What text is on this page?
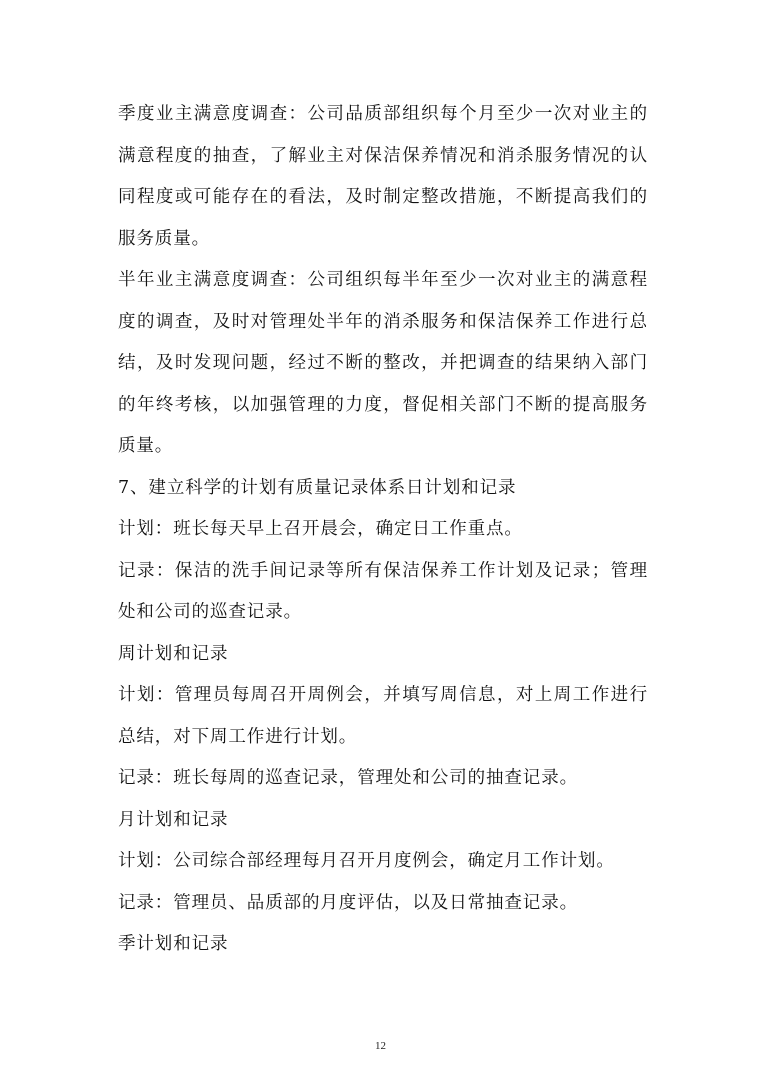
季度业主满意度调查：公司品质部组织每个月至少一次对业主的满意程度的抽查，了解业主对保洁保养情况和消杀服务情况的认同程度或可能存在的看法，及时制定整改措施，不断提高我们的服务质量。

半年业主满意度调查：公司组织每半年至少一次对业主的满意程度的调查，及时对管理处半年的消杀服务和保洁保养工作进行总结，及时发现问题，经过不断的整改，并把调查的结果纳入部门的年终考核，以加强管理的力度，督促相关部门不断的提高服务质量。

7、建立科学的计划有质量记录体系日计划和记录

计划：班长每天早上召开晨会，确定日工作重点。

记录：保洁的洗手间记录等所有保洁保养工作计划及记录；管理处和公司的巡查记录。

周计划和记录

计划：管理员每周召开周例会，并填写周信息，对上周工作进行总结，对下周工作进行计划。

记录：班长每周的巡查记录，管理处和公司的抽查记录。

月计划和记录

计划：公司综合部经理每月召开月度例会，确定月工作计划。

记录：管理员、品质部的月度评估，以及日常抽查记录。

季计划和记录

12
